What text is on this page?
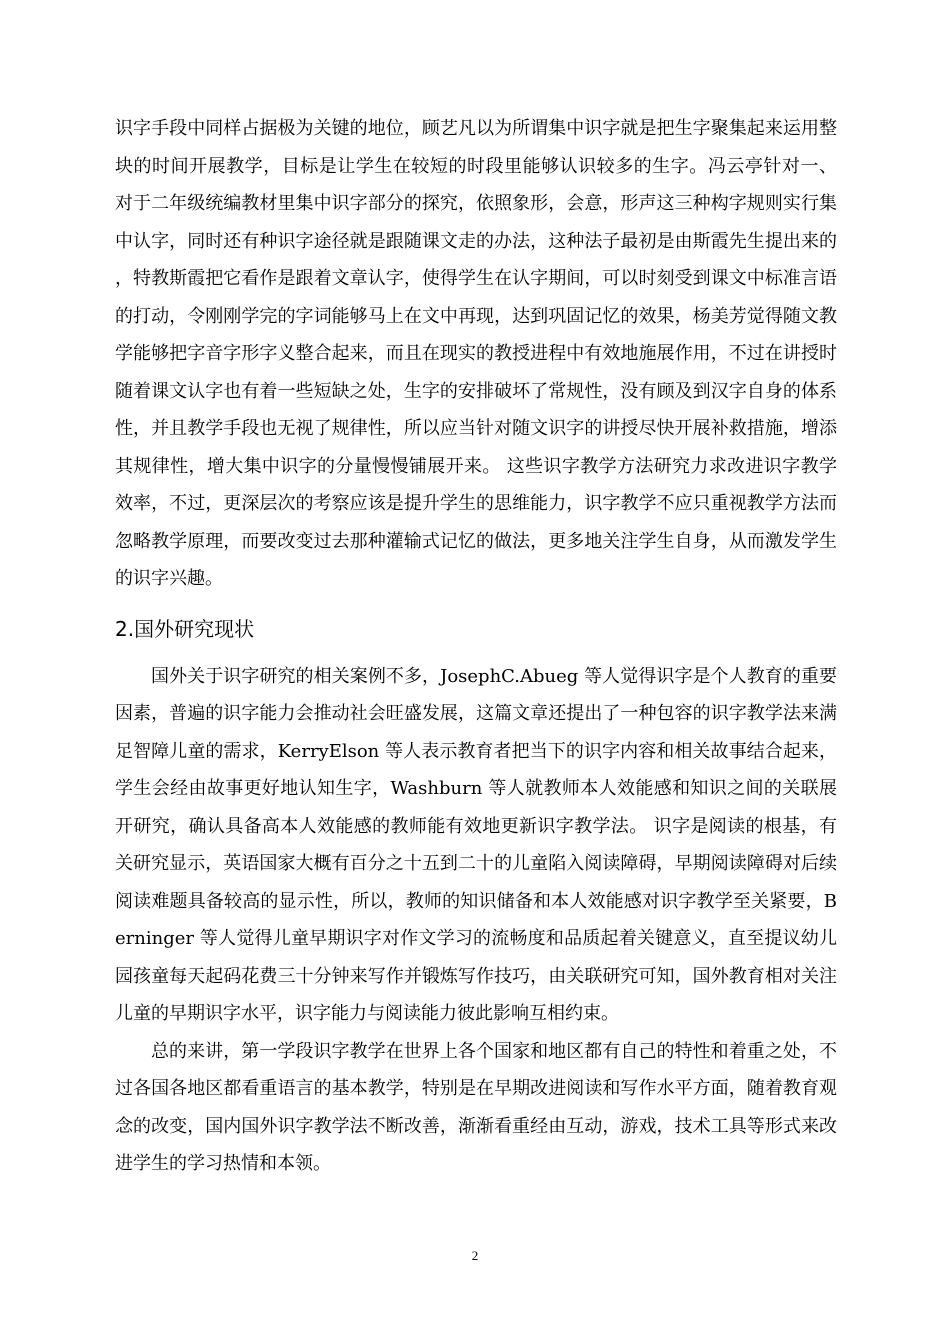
识字手段中同样占据极为关键的地位，顾艺凡以为所谓集中识字就是把生字聚集起来运用整块的时间开展教学，目标是让学生在较短的时段里能够认识较多的生字。冯云亭针对一、 对于二年级统编教材里集中识字部分的探究，依照象形，会意，形声这三种构字规则实行集中认字，同时还有种识字途径就是跟随课文走的办法，这种法子最初是由斯霞先生提出来的，特教斯霞把它看作是跟着文章认字，使得学生在认字期间，可以时刻受到课文中标准言语的打动，令刚刚学完的字词能够马上在文中再现，达到巩固记忆的效果，杨美芳觉得随文教学能够把字音字形字义整合起来，而且在现实的教授进程中有效地施展作用，不过在讲授时随着课文认字也有着一些短缺之处，生字的安排破坏了常规性，没有顾及到汉字自身的体系性，并且教学手段也无视了规律性，所以应当针对随文识字的讲授尽快开展补救措施，增添其规律性，增大集中识字的分量慢慢铺展开来。 这些识字教学方法研究力求改进识字教学效率，不过，更深层次的考察应该是提升学生的思维能力，识字教学不应只重视教学方法而忽略教学原理，而要改变过去那种灌输式记忆的做法，更多地关注学生自身，从而激发学生的识字兴趣。

2.国外研究现状

国外关于识字研究的相关案例不多，JosephC.Abueg 等人觉得识字是个人教育的重要因素，普遍的识字能力会推动社会旺盛发展，这篇文章还提出了一种包容的识字教学法来满足智障儿童的需求，KerryElson 等人表示教育者把当下的识字内容和相关故事结合起来，学生会经由故事更好地认知生字，Washburn 等人就教师本人效能感和知识之间的关联展开研究，确认具备高本人效能感的教师能有效地更新识字教学法。 识字是阅读的根基，有关研究显示，英语国家大概有百分之十五到二十的儿童陷入阅读障碍，早期阅读障碍对后续阅读难题具备较高的显示性，所以，教师的知识储备和本人效能感对识字教学至关紧要，Berninger 等人觉得儿童早期识字对作文学习的流畅度和品质起着关键意义，直至提议幼儿园孩童每天起码花费三十分钟来写作并锻炼写作技巧，由关联研究可知，国外教育相对关注儿童的早期识字水平，识字能力与阅读能力彼此影响互相约束。

总的来讲，第一学段识字教学在世界上各个国家和地区都有自己的特性和着重之处，不过各国各地区都看重语言的基本教学，特别是在早期改进阅读和写作水平方面，随着教育观念的改变，国内国外识字教学法不断改善，渐渐看重经由互动，游戏，技术工具等形式来改进学生的学习热情和本领。

2
